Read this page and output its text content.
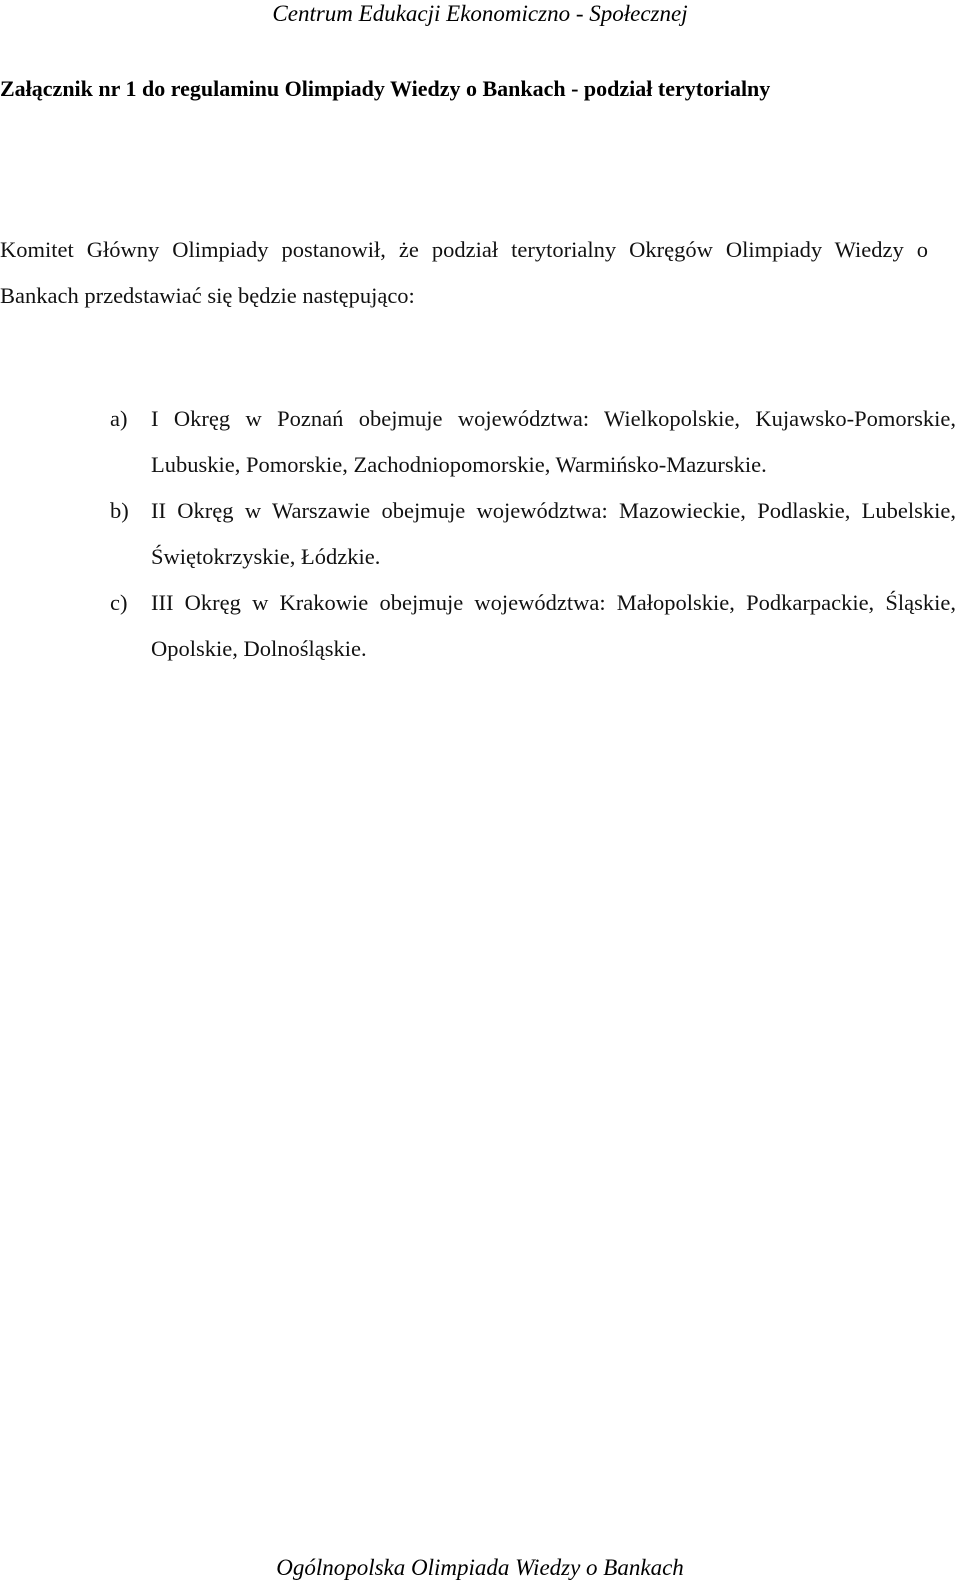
Centrum Edukacji Ekonomiczno - Społecznej
Załącznik nr 1 do regulaminu Olimpiady Wiedzy o Bankach - podział terytorialny

Komitet Główny Olimpiady postanowił, że podział terytorialny Okręgów Olimpiady Wiedzy o Bankach przedstawiać się będzie następująco:

a) I Okręg w Poznań obejmuje województwa: Wielkopolskie, Kujawsko-Pomorskie, Lubuskie, Pomorskie, Zachodniopomorskie, Warmińsko-Mazurskie.
b) II Okręg w Warszawie obejmuje województwa: Mazowieckie, Podlaskie, Lubelskie, Świętokrzyskie, Łódzkie.
c) III Okręg w Krakowie obejmuje województwa: Małopolskie, Podkarpackie, Śląskie, Opolskie, Dolnośląskie.
Ogólnopolska Olimpiada Wiedzy o Bankach
